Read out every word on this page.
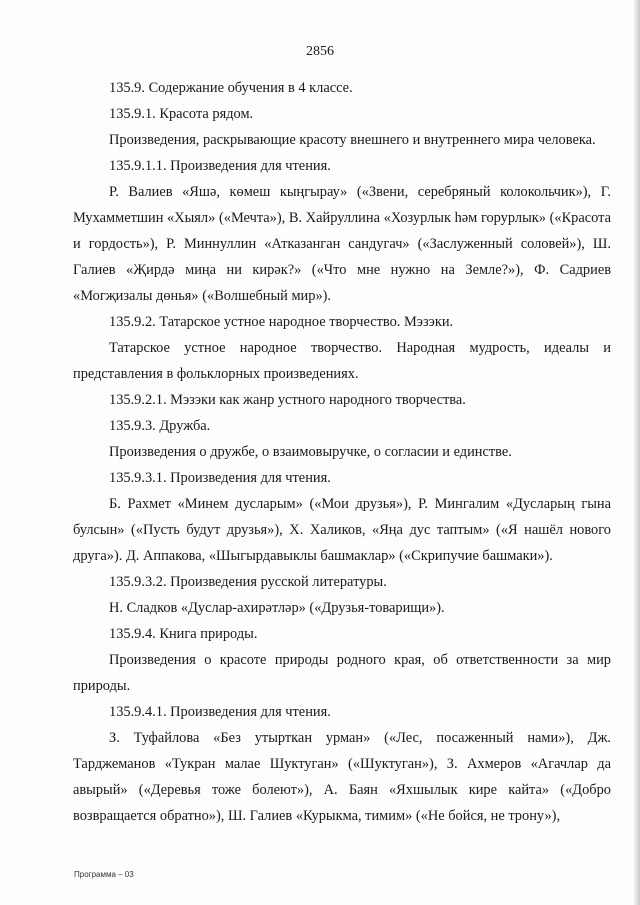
2856

135.9. Содержание обучения в 4 классе.

135.9.1. Красота рядом.

Произведения, раскрывающие красоту внешнего и внутреннего мира человека.

135.9.1.1. Произведения для чтения.

Р. Валиев «Яшә, көмеш кыңгырау» («Звени, серебряный колокольчик»), Г. Мухамметшин «Хыял» («Мечта»), В. Хайруллина «Хозурлык һәм горурлык» («Красота и гордость»), Р. Миннуллин «Атказанган сандугач» («Заслуженный соловей»), Ш. Галиев «Җирдә миңа ни кирәк?» («Что мне нужно на Земле?»), Ф. Садриев «Могҗизалы дөнья» («Волшебный мир»).

135.9.2. Татарское устное народное творчество. Мэзэки.

Татарское устное народное творчество. Народная мудрость, идеалы и представления в фольклорных произведениях.

135.9.2.1. Мэзэки как жанр устного народного творчества.

135.9.3. Дружба.

Произведения о дружбе, о взаимовыручке, о согласии и единстве.

135.9.3.1. Произведения для чтения.

Б. Рахмет «Минем дусларым» («Мои друзья»), Р. Мингалим «Дусларың гына булсын» («Пусть будут друзья»), Х. Халиков, «Яңа дус таптым» («Я нашёл нового друга»). Д. Аппакова, «Шыгырдавыклы башмаклар» («Скрипучие башмаки»).

135.9.3.2. Произведения русской литературы.

Н. Сладков «Дуслар-ахирәтләр» («Друзья-товарищи»).

135.9.4. Книга природы.

Произведения о красоте природы родного края, об ответственности за мир природы.

135.9.4.1. Произведения для чтения.

З. Туфайлова «Без утырткан урман» («Лес, посаженный нами»), Дж. Тарджеманов «Тукран малае Шуктуган» («Шуктуган»), З. Ахмеров «Агачлар да авырый» («Деревья тоже болеют»), А. Баян «Яхшылык кире кайта» («Добро возвращается обратно»), Ш. Галиев «Курыкма, тимим» («Не бойся, не трону»),

Программа – 03
